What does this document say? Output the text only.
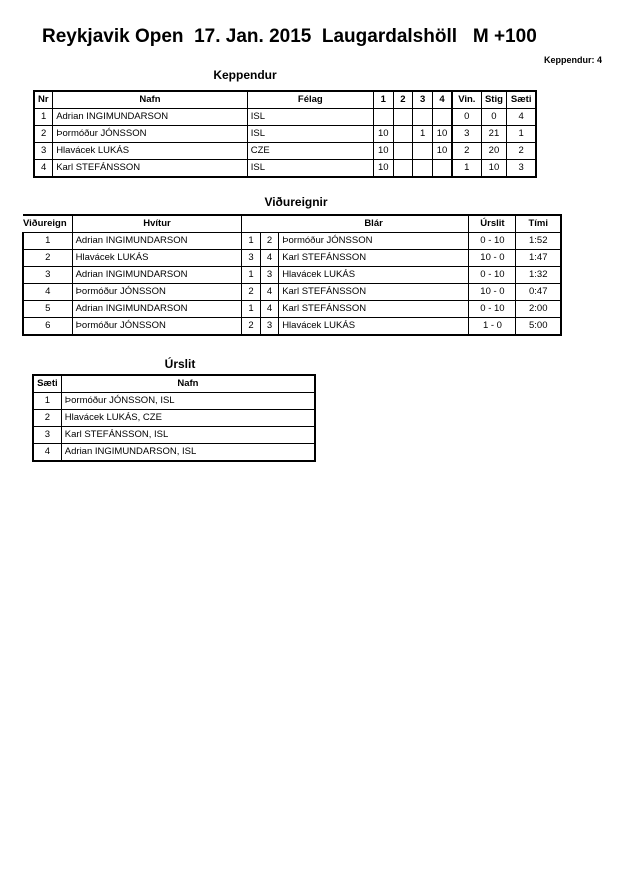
Reykjavik Open  17. Jan. 2015  Laugardalshöll   M +100
Keppendur: 4
Keppendur
Nr	Nafn	Félag	1	2	3	4	Vin.	Stig	Sæti
1	Adrian INGIMUNDARSON	ISL					0	0	4
2	Þormóður JÓNSSON	ISL	10		1	10	3	21	1
3	Hlavácek LUKÁS	CZE	10			10	2	20	2
4	Karl STEFÁNSSON	ISL	10				1	10	3
Viðureignir
Viðureign	Hvítur			Blár	Úrslit	Tími
1	Adrian INGIMUNDARSON	1	2	Þormóður JÓNSSON	0 - 10	1:52
2	Hlavácek LUKÁS	3	4	Karl STEFÁNSSON	10 - 0	1:47
3	Adrian INGIMUNDARSON	1	3	Hlavácek LUKÁS	0 - 10	1:32
4	Þormóður JÓNSSON	2	4	Karl STEFÁNSSON	10 - 0	0:47
5	Adrian INGIMUNDARSON	1	4	Karl STEFÁNSSON	0 - 10	2:00
6	Þormóður JÓNSSON	2	3	Hlavácek LUKÁS	1 - 0	5:00
Úrslit
Sæti	Nafn
1	Þormóður JÓNSSON, ISL
2	Hlavácek LUKÁS, CZE
3	Karl STEFÁNSSON, ISL
4	Adrian INGIMUNDARSON, ISL
